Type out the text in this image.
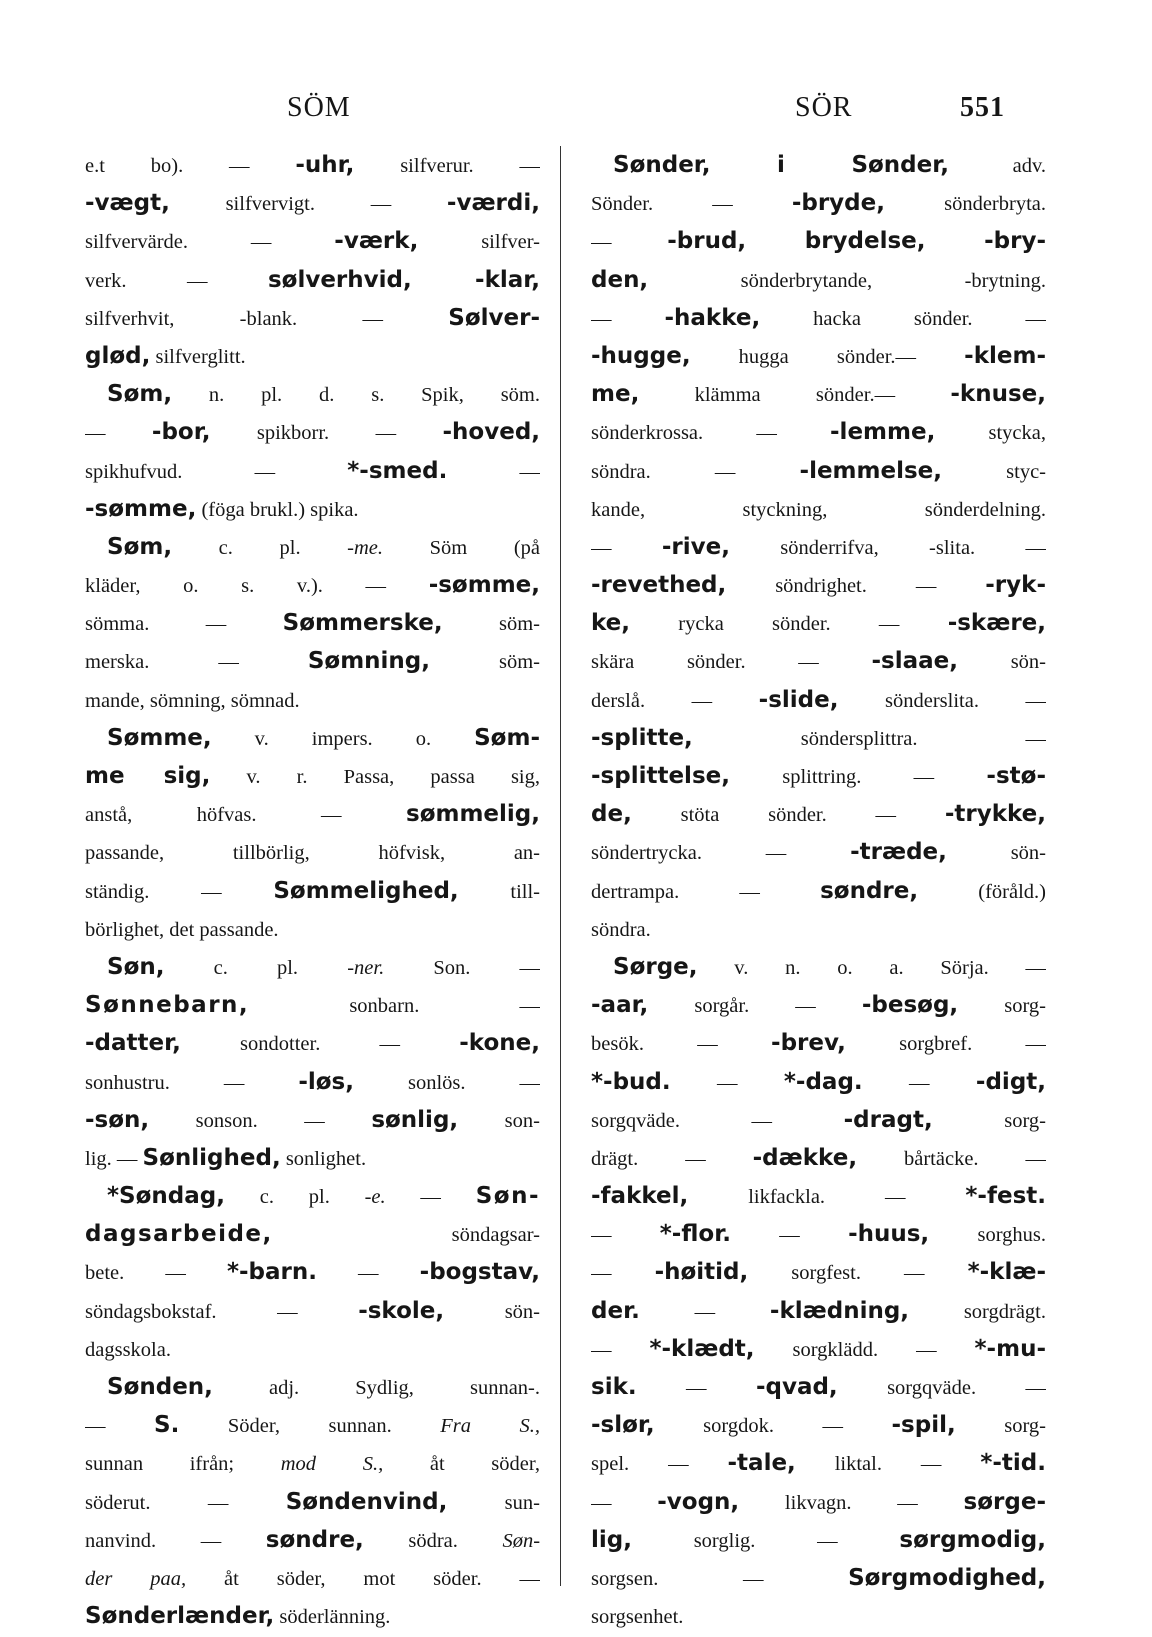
SÖM	SÖR	551
e.t bo). — -uhr, silfverur. —
-vægt, silfvervigt. — -værdi,
silfvervärde. — -værk, silfver-
verk. — sølverhvid, -klar,
silfverhvit, -blank. — Sølver-
glød, silfverglitt.
Søm, n. pl. d. s. Spik, söm.
— -bor, spikborr. — -hoved,
spikhufvud. — *-smed. —
-sømme, (föga brukl.) spika.
Søm, c. pl. -me. Söm (på
kläder, o. s. v.). — -sømme,
sömma. — Sømmerske, söm-
merska. — Sømning, söm-
mande, sömning, sömnad.
Sømme, v. impers. o. Søm-
me sig, v. r. Passa, passa sig,
anstå, höfvas. — sømmelig,
passande, tillbörlig, höfvisk, an-
ständig. — Sømmelighed, till-
börlighet, det passande.
Søn, c. pl. -ner. Son. —
Sønnebarn, sonbarn. —
-datter, sondotter. — -kone,
sonhustru. — -løs, sonlös. —
-søn, sonson. — sønlig, son-
lig. — Sønlighed, sonlighet.
*Søndag, c. pl. -e. — Søn-
dagsarbeide, söndagsar-
bete. — *-barn. — -bogstav,
söndagsbokstaf. — -skole, sön-
dagsskola.
Sønden, adj. Sydlig, sunnan-.
— S. Söder, sunnan. Fra S.,
sunnan ifrån; mod S., åt söder,
söderut. — Søndenvind, sun-
nanvind. — søndre, södra. Søn-
der paa, åt söder, mot söder. —
Sønderlænder, söderlänning.
Sønder, i Sønder, adv.
Sönder. — -bryde, sönderbryta.
— -brud, brydelse, -bry-
den, sönderbrytande, -brytning.
— -hakke, hacka sönder. —
-hugge, hugga sönder.— -klem-
me, klämma sönder.— -knuse,
sönderkrossa. — -lemme, stycka,
söndra. — -lemmelse, styc-
kande, styckning, sönderdelning.
— -rive, sönderrifva, -slita. —
-revethed, söndrighet. — -ryk-
ke, rycka sönder. — -skære,
skära sönder. — -slaae, sön-
derslå. — -slide, sönderslita. —
-splitte, söndersplittra. —
-splittelse, splittring. — -stø-
de, stöta sönder. — -trykke,
söndertrycka. — -træde, sön-
dertrampa. — søndre, (föråld.)
söndra.
Sørge, v. n. o. a. Sörja. —
-aar, sorgår. — -besøg, sorg-
besök. — -brev, sorgbref. —
*-bud. — *-dag. — -digt,
sorgqväde. — -dragt, sorg-
drägt. — -dække, bårtäcke. —
-fakkel, likfackla. — *-fest.
— *-flor. — -huus, sorghus.
— -høitid, sorgfest. — *-klæ-
der. — -klædning, sorgdrägt.
— *-klædt, sorgklädd. — *-mu-
sik. — -qvad, sorgqväde. —
-slør, sorgdok. — -spil, sorg-
spel. — -tale, liktal. — *-tid.
— -vogn, likvagn. — sørge-
lig, sorglig. — sørgmodig,
sorgsen. — Sørgmodighed,
sorgsenhet.
